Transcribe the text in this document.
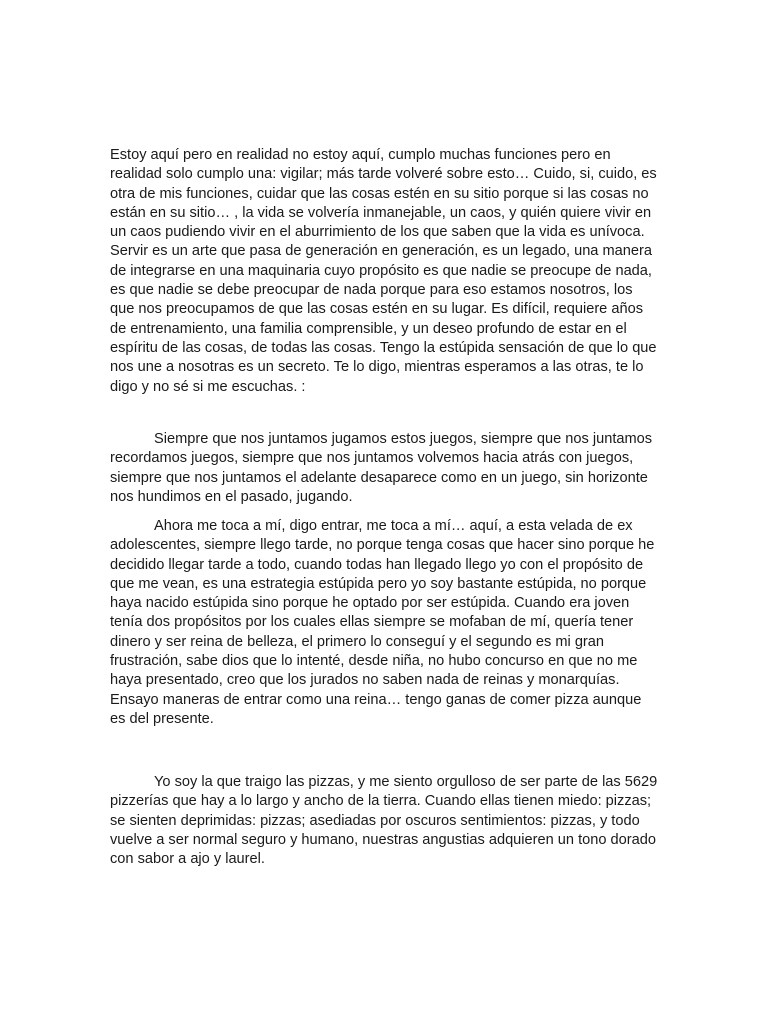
Estoy aquí pero en realidad no estoy aquí, cumplo muchas funciones pero en realidad solo cumplo una: vigilar; más tarde volveré sobre esto… Cuido, si, cuido, es otra de mis funciones, cuidar que las cosas estén en su sitio porque si las cosas no están en su sitio… , la vida se volvería inmanejable, un caos, y quién quiere vivir en un caos pudiendo vivir en el aburrimiento de los que saben que la vida es unívoca. Servir es un arte que pasa de generación en generación, es un legado, una manera de integrarse en una maquinaria cuyo propósito es que nadie se preocupe de nada, es que nadie se debe preocupar de nada porque para eso estamos nosotros, los que nos preocupamos de que las cosas estén en su lugar. Es difícil, requiere años de entrenamiento, una familia comprensible, y un deseo profundo de estar en el espíritu de las cosas, de todas las cosas. Tengo la estúpida sensación de que lo que nos une a nosotras es un secreto. Te lo digo, mientras esperamos a las otras, te lo digo y no sé si me escuchas. :

Siempre que nos juntamos jugamos estos juegos, siempre que nos juntamos recordamos juegos, siempre que nos juntamos volvemos hacia atrás con juegos, siempre que nos juntamos el adelante desaparece como en un juego, sin horizonte nos hundimos en el pasado, jugando.

Ahora me toca a mí, digo entrar, me toca a mí… aquí, a esta velada de ex adolescentes, siempre llego tarde, no porque tenga cosas que hacer sino porque he decidido llegar tarde a todo, cuando todas han llegado llego yo con el propósito de que me vean, es una estrategia estúpida pero yo soy bastante estúpida, no porque haya nacido estúpida sino porque he optado por ser estúpida. Cuando era joven tenía dos propósitos por los cuales ellas siempre se mofaban de mí, quería tener dinero y ser reina de belleza, el primero lo conseguí y el segundo es mi gran frustración, sabe dios que lo intenté, desde niña, no hubo concurso en que no me haya presentado, creo que los jurados no saben nada de reinas y monarquías. Ensayo maneras de entrar como una reina… tengo ganas de comer pizza aunque es del presente.

Yo soy la que traigo las pizzas, y me siento orgulloso de ser parte de las 5629 pizzerías que hay a lo largo y ancho de la tierra. Cuando ellas tienen miedo: pizzas; se sienten deprimidas: pizzas; asediadas por oscuros sentimientos: pizzas, y todo vuelve a ser normal seguro y humano, nuestras angustias adquieren un tono dorado con sabor a ajo y laurel.
